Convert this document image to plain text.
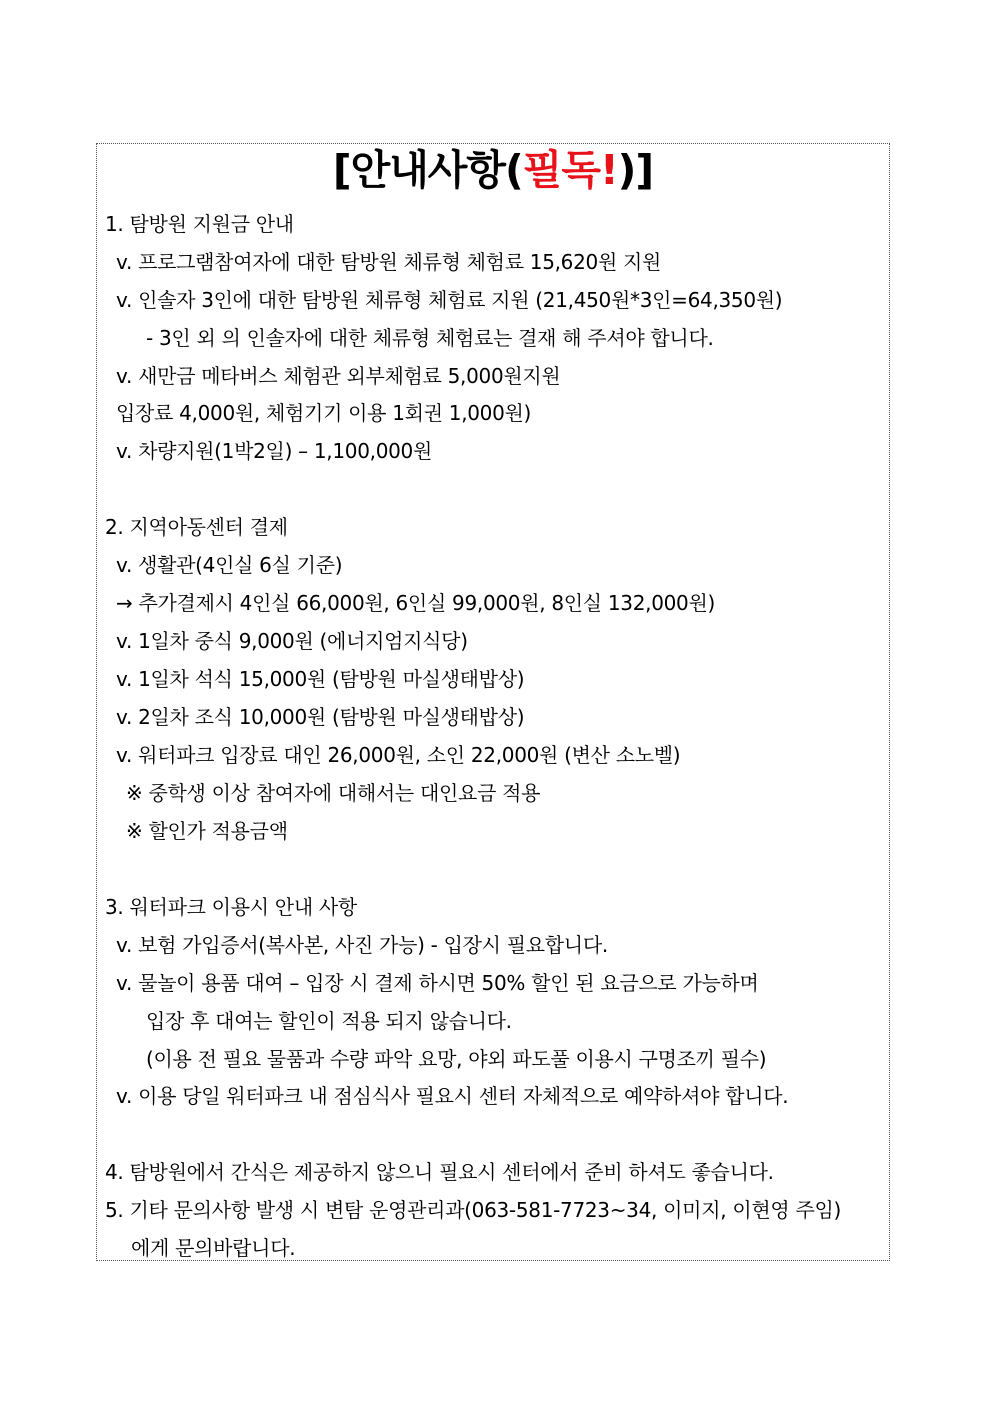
[안내사항(필독!)]
1. 탐방원 지원금 안내
v. 프로그램참여자에 대한 탐방원 체류형 체험료 15,620원 지원
v. 인솔자 3인에 대한 탐방원 체류형 체험료 지원 (21,450원*3인=64,350원)
- 3인 외 의 인솔자에 대한 체류형 체험료는 결재 해 주셔야 합니다.
v. 새만금 메타버스 체험관 외부체험료 5,000원지원
입장료 4,000원, 체험기기 이용 1회권 1,000원)
v. 차량지원(1박2일) – 1,100,000원
2. 지역아동센터 결제
v. 생활관(4인실 6실 기준)
→ 추가결제시 4인실 66,000원, 6인실 99,000원, 8인실 132,000원)
v. 1일차 중식 9,000원 (에너지엄지식당)
v. 1일차 석식 15,000원 (탐방원 마실생태밥상)
v. 2일차 조식 10,000원 (탐방원 마실생태밥상)
v. 워터파크 입장료 대인 26,000원, 소인 22,000원 (변산 소노벨)
※ 중학생 이상 참여자에 대해서는 대인요금 적용
※ 할인가 적용금액
3. 워터파크 이용시 안내 사항
v. 보험 가입증서(복사본, 사진 가능) - 입장시 필요합니다.
v. 물놀이 용품 대여 – 입장 시 결제 하시면 50% 할인 된 요금으로 가능하며
입장 후 대여는 할인이 적용 되지 않습니다.
(이용 전 필요 물품과 수량 파악 요망, 야외 파도풀 이용시 구명조끼 필수)
v. 이용 당일 워터파크 내 점심식사 필요시 센터 자체적으로 예약하셔야 합니다.
4. 탐방원에서 간식은 제공하지 않으니 필요시 센터에서 준비 하셔도 좋습니다.
5. 기타 문의사항 발생 시 변탐 운영관리과(063-581-7723~34, 이미지, 이현영 주임)
에게 문의바랍니다.
